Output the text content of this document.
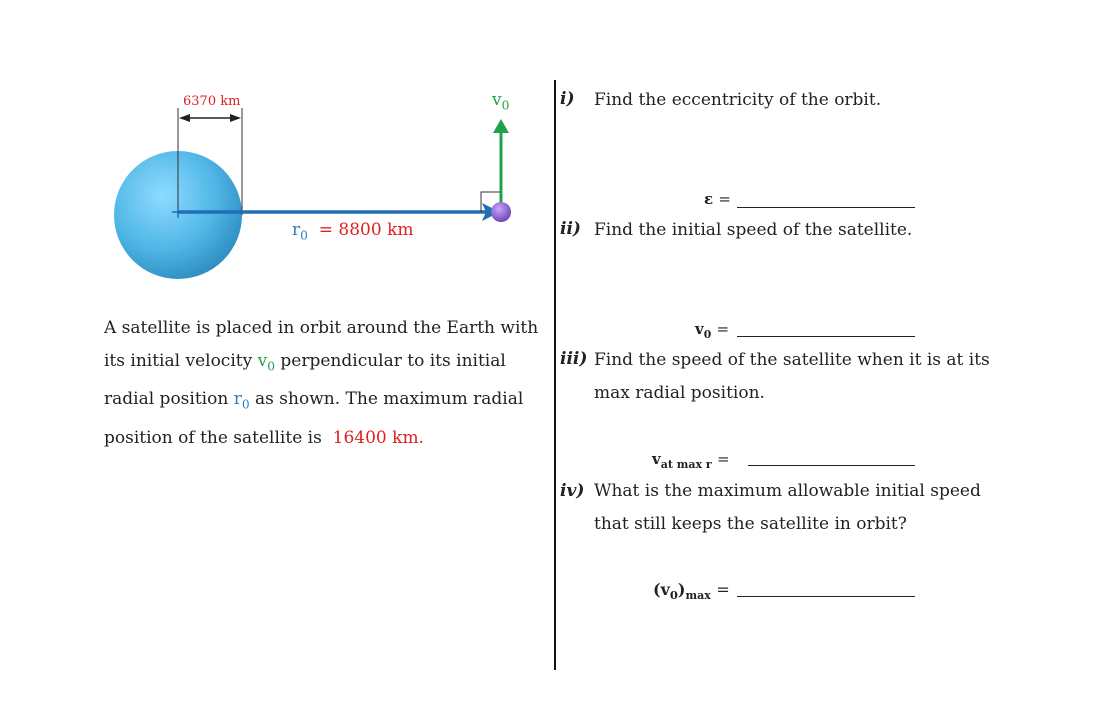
6370 km	$v_0$
$r_0 = 8800$ km
A satellite is placed in orbit around the Earth with
its initial velocity $v_0$ perpendicular to its initial
radial position $r_0$ as shown. The maximum radial
position of the satellite is 16400 km.
i) Find the eccentricity of the orbit.
ε =
ii) Find the initial speed of the satellite.
$v_0$ =
iii) Find the speed of the satellite when it is at its
max radial position.
$v_{at max r}$ =
iv) What is the maximum allowable initial speed
that still keeps the satellite in orbit?
$(v_0)_{max}$ =
